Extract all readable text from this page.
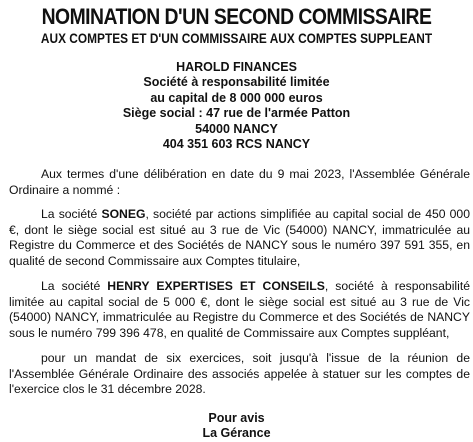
NOMINATION D'UN SECOND COMMISSAIRE
AUX COMPTES ET D'UN COMMISSAIRE AUX COMPTES SUPPLEANT
HAROLD FINANCES
Société à responsabilité limitée
au capital de 8 000 000 euros
Siège social : 47 rue de l'armée Patton
54000 NANCY
404 351 603 RCS NANCY

Aux termes d'une délibération en date du 9 mai 2023, l'Assemblée Générale Ordinaire a nommé :

La société SONEG, société par actions simplifiée au capital social de 450 000 €, dont le siège social est situé au 3 rue de Vic (54000) NANCY, immatriculée au Registre du Commerce et des Sociétés de NANCY sous le numéro 397 591 355, en qualité de second Commissaire aux Comptes titulaire,

La société HENRY EXPERTISES ET CONSEILS, société à responsabilité limitée au capital social de 5 000 €, dont le siège social est situé au 3 rue de Vic (54000) NANCY, immatriculée au Registre du Commerce et des Sociétés de NANCY sous le numéro 799 396 478, en qualité de Commissaire aux Comptes suppléant,

pour un mandat de six exercices, soit jusqu'à l'issue de la réunion de l'Assemblée Générale Ordinaire des associés appelée à statuer sur les comptes de l'exercice clos le 31 décembre 2028.

Pour avis
La Gérance
